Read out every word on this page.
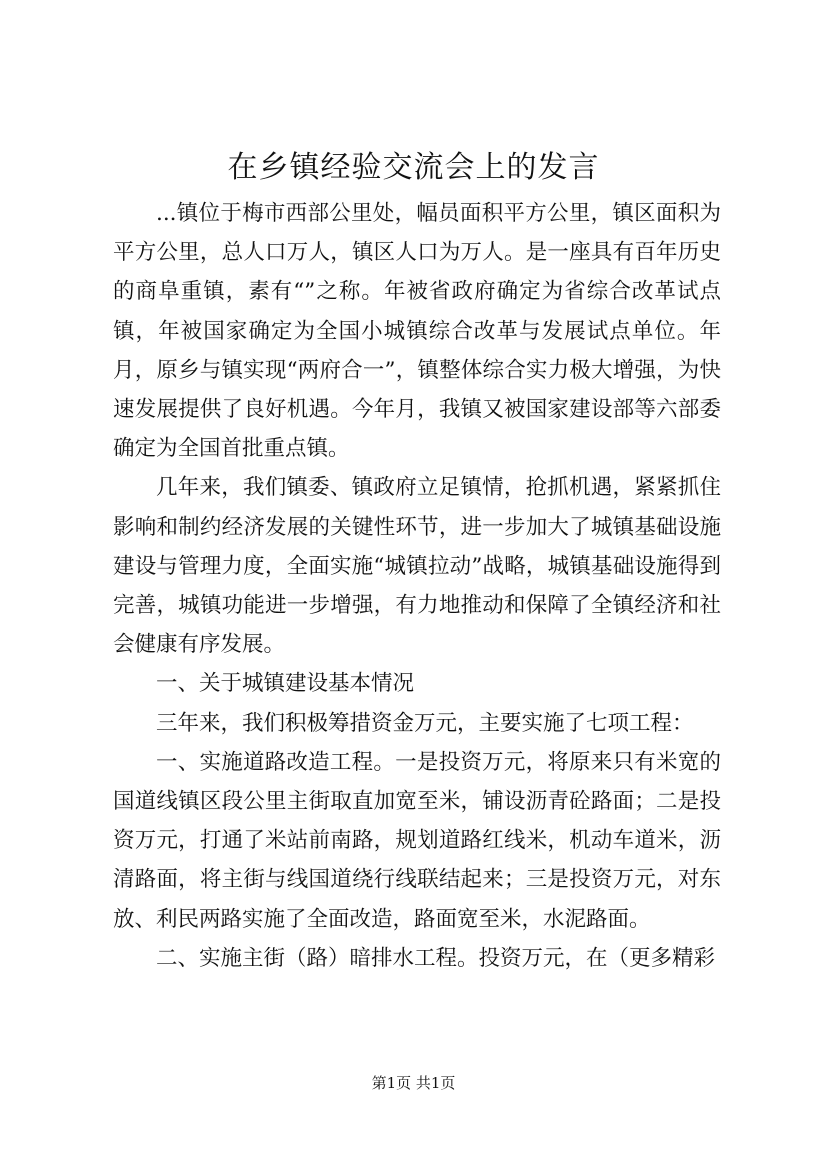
在乡镇经验交流会上的发言

...镇位于梅市西部公里处，幅员面积平方公里，镇区面积为平方公里，总人口万人，镇区人口为万人。是一座具有百年历史的商阜重镇，素有“”之称。年被省政府确定为省综合改革试点镇，年被国家确定为全国小城镇综合改革与发展试点单位。年月，原乡与镇实现“两府合一”，镇整体综合实力极大增强，为快速发展提供了良好机遇。今年月，我镇又被国家建设部等六部委确定为全国首批重点镇。

几年来，我们镇委、镇政府立足镇情，抢抓机遇，紧紧抓住影响和制约经济发展的关键性环节，进一步加大了城镇基础设施建设与管理力度，全面实施“城镇拉动”战略，城镇基础设施得到完善，城镇功能进一步增强，有力地推动和保障了全镇经济和社会健康有序发展。

一、关于城镇建设基本情况

三年来，我们积极筹措资金万元，主要实施了七项工程：

一、实施道路改造工程。一是投资万元，将原来只有米宽的国道线镇区段公里主街取直加宽至米，铺设沥青砼路面；二是投资万元，打通了米站前南路，规划道路红线米，机动车道米，沥清路面，将主街与线国道绕行线联结起来；三是投资万元，对东放、利民两路实施了全面改造，路面宽至米，水泥路面。

二、实施主街（路）暗排水工程。投资万元，在（更多精彩

第1页 共1页
